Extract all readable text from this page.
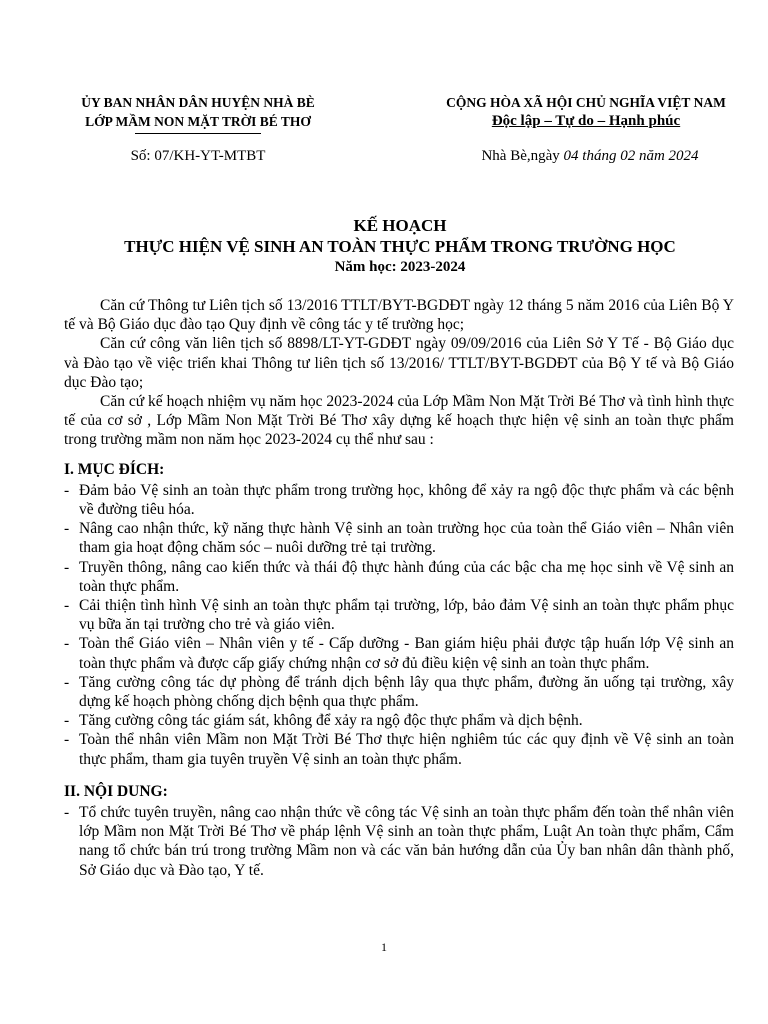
ỦY BAN NHÂN DÂN HUYỆN NHÀ BÈ
LỚP MẦM NON MẶT TRỜI BÉ THƠ
CỘNG HÒA XÃ HỘI CHỦ NGHĨA VIỆT NAM
Độc lập – Tự do – Hạnh phúc
Số: 07/KH-YT-MTBT	Nhà Bè,ngày 04 tháng 02 năm 2024
KẾ HOẠCH
THỰC HIỆN VỆ SINH AN TOÀN THỰC PHẨM TRONG TRƯỜNG HỌC
Năm học: 2023-2024

Căn cứ Thông tư Liên tịch số 13/2016 TTLT/BYT-BGDĐT ngày 12 tháng 5 năm 2016 của Liên Bộ Y tế và Bộ Giáo dục đào tạo Quy định về công tác y tế trường học;

Căn cứ công văn liên tịch số 8898/LT-YT-GDĐT ngày 09/09/2016 của Liên Sở Y Tế - Bộ Giáo dục và Đào tạo về việc triển khai Thông tư liên tịch số 13/2016/ TTLT/BYT-BGDĐT của Bộ Y tế và Bộ Giáo dục Đào tạo;

Căn cứ kế hoạch nhiệm vụ năm học 2023-2024 của Lớp Mầm Non Mặt Trời Bé Thơ và tình hình thực tế của cơ sở , Lớp Mầm Non Mặt Trời Bé Thơ xây dựng kế hoạch thực hiện vệ sinh an toàn thực phẩm trong trường mầm non năm học 2023-2024 cụ thể như sau :

I. MỤC ĐÍCH:
- Đảm bảo Vệ sinh an toàn thực phẩm trong trường học, không để xảy ra ngộ độc thực phẩm và các bệnh về đường tiêu hóa.
- Nâng cao nhận thức, kỹ năng thực hành Vệ sinh an toàn trường học của toàn thể Giáo viên – Nhân viên tham gia hoạt động chăm sóc – nuôi dưỡng trẻ tại trường.
- Truyền thông, nâng cao kiến thức và thái độ thực hành đúng của các bậc cha mẹ học sinh về Vệ sinh an toàn thực phẩm.
- Cải thiện tình hình Vệ sinh an toàn thực phẩm tại trường, lớp, bảo đảm Vệ sinh an toàn thực phẩm phục vụ bữa ăn tại trường cho trẻ và giáo viên.
- Toàn thể Giáo viên – Nhân viên y tế - Cấp dưỡng - Ban giám hiệu phải được tập huấn lớp Vệ sinh an toàn thực phẩm và được cấp giấy chứng nhận cơ sở đủ điều kiện vệ sinh an toàn thực phẩm.
- Tăng cường công tác dự phòng để tránh dịch bệnh lây qua thực phẩm, đường ăn uống tại trường, xây dựng kế hoạch phòng chống dịch bệnh qua thực phẩm.
- Tăng cường công tác giám sát, không để xảy ra ngộ độc thực phẩm và dịch bệnh.
- Toàn thể nhân viên Mầm non Mặt Trời Bé Thơ thực hiện nghiêm túc các quy định về Vệ sinh an toàn thực phẩm, tham gia tuyên truyền Vệ sinh an toàn thực phẩm.
II. NỘI DUNG:
- Tổ chức tuyên truyền, nâng cao nhận thức về công tác Vệ sinh an toàn thực phẩm đến toàn thể nhân viên lớp Mầm non Mặt Trời Bé Thơ về pháp lệnh Vệ sinh an toàn thực phẩm, Luật An toàn thực phẩm, Cẩm nang tổ chức bán trú trong trường Mầm non và các văn bản hướng dẫn của Ủy ban nhân dân thành phố, Sở Giáo dục và Đào tạo, Y tế.
1
